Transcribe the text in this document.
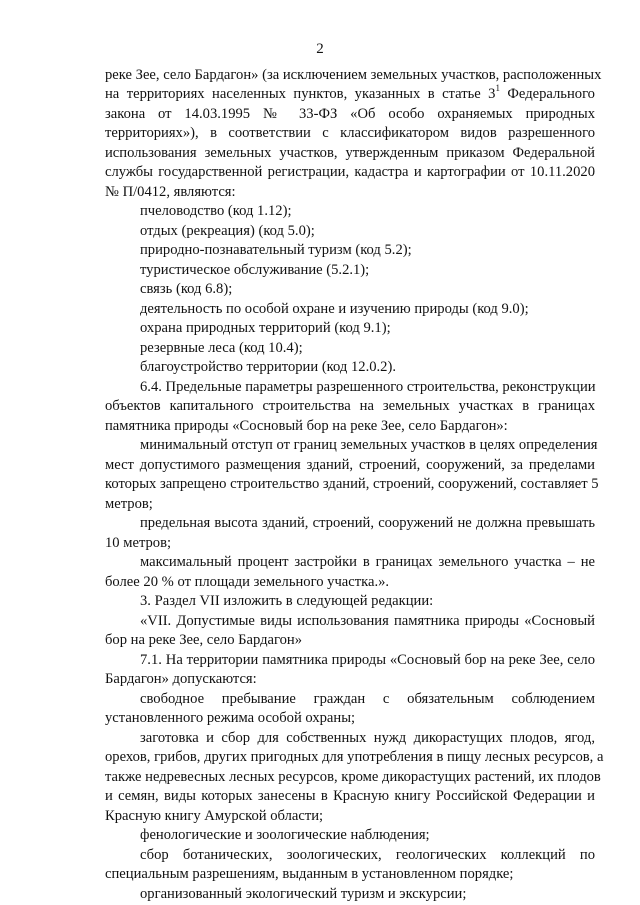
2
реке Зее, село Бардагон» (за исключением земельных участков, расположенных
на территориях населенных пунктов, указанных в статье $3^1$ Федерального
закона от 14.03.1995 № 33-ФЗ «Об особо охраняемых природных
территориях»), в соответствии с классификатором видов разрешенного
использования земельных участков, утвержденным приказом Федеральной
службы государственной регистрации, кадастра и картографии от 10.11.2020
№ П/0412, являются:
пчеловодство (код 1.12);
отдых (рекреация) (код 5.0);
природно-познавательный туризм (код 5.2);
туристическое обслуживание (5.2.1);
связь (код 6.8);
деятельность по особой охране и изучению природы (код 9.0);
охрана природных территорий (код 9.1);
резервные леса (код 10.4);
благоустройство территории (код 12.0.2).
6.4. Предельные параметры разрешенного строительства, реконструкции
объектов капитального строительства на земельных участках в границах
памятника природы «Сосновый бор на реке Зее, село Бардагон»:
минимальный отступ от границ земельных участков в целях определения
мест допустимого размещения зданий, строений, сооружений, за пределами
которых запрещено строительство зданий, строений, сооружений, составляет 5
метров;
предельная высота зданий, строений, сооружений не должна превышать
10 метров;
максимальный процент застройки в границах земельного участка – не
более 20 % от площади земельного участка.».
3. Раздел VII изложить в следующей редакции:
«VII. Допустимые виды использования памятника природы «Сосновый
бор на реке Зее, село Бардагон»
7.1. На территории памятника природы «Сосновый бор на реке Зее, село
Бардагон» допускаются:
свободное пребывание граждан с обязательным соблюдением
установленного режима особой охраны;
заготовка и сбор для собственных нужд дикорастущих плодов, ягод,
орехов, грибов, других пригодных для употребления в пищу лесных ресурсов, а
также недревесных лесных ресурсов, кроме дикорастущих растений, их плодов
и семян, виды которых занесены в Красную книгу Российской Федерации и
Красную книгу Амурской области;
фенологические и зоологические наблюдения;
сбор ботанических, зоологических, геологических коллекций по
специальным разрешениям, выданным в установленном порядке;
организованный экологический туризм и экскурсии;
